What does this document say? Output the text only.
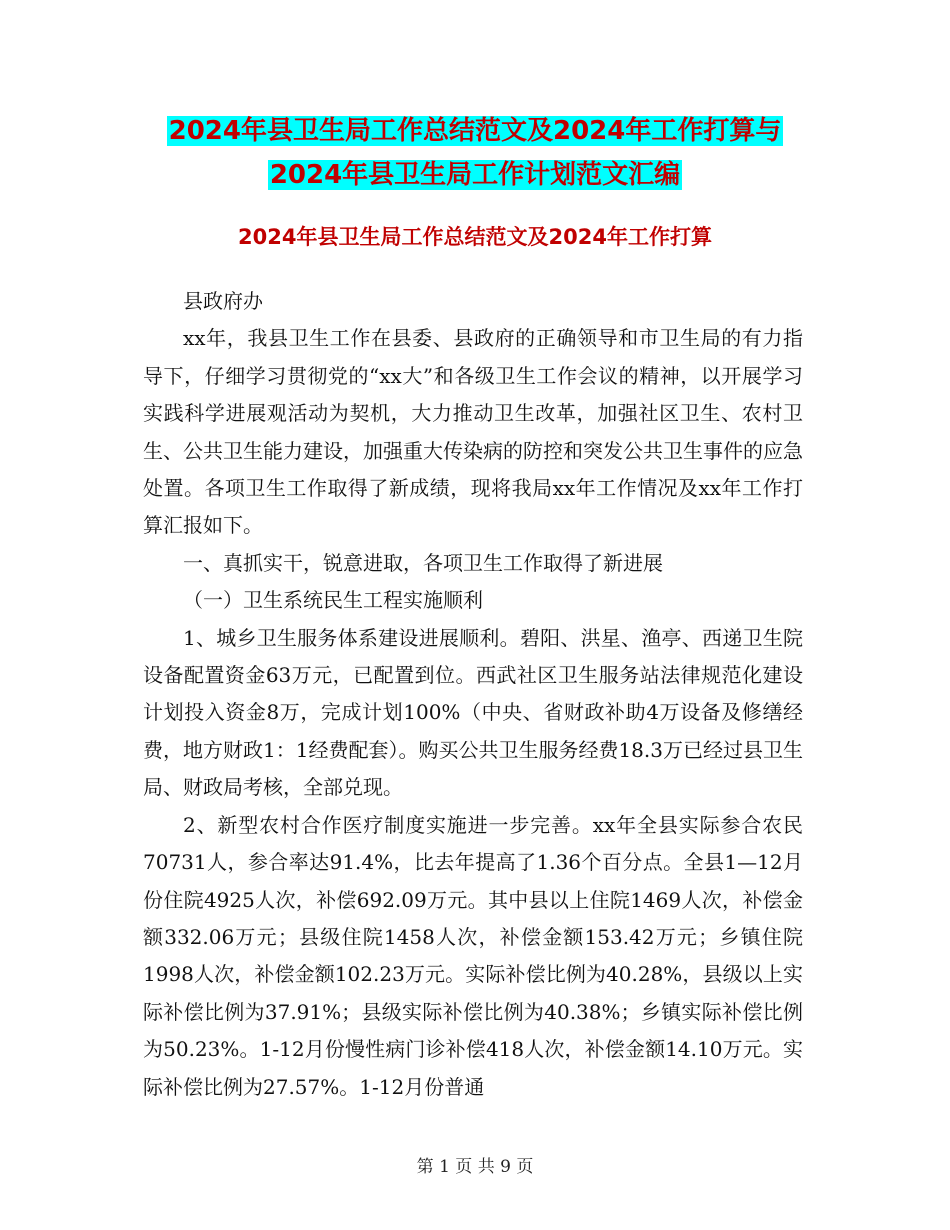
2024年县卫生局工作总结范文及2024年工作打算与
2024年县卫生局工作计划范文汇编
2024年县卫生局工作总结范文及2024年工作打算

县政府办

xx年，我县卫生工作在县委、县政府的正确领导和市卫生局的有力指导下，仔细学习贯彻党的“xx大”和各级卫生工作会议的精神，以开展学习实践科学进展观活动为契机，大力推动卫生改革，加强社区卫生、农村卫生、公共卫生能力建设，加强重大传染病的防控和突发公共卫生事件的应急处置。各项卫生工作取得了新成绩，现将我局xx年工作情况及xx年工作打算汇报如下。

一、真抓实干，锐意进取，各项卫生工作取得了新进展

（一）卫生系统民生工程实施顺利

1、城乡卫生服务体系建设进展顺利。碧阳、洪星、渔亭、西递卫生院设备配置资金63万元，已配置到位。西武社区卫生服务站法律规范化建设计划投入资金8万，完成计划100%（中央、省财政补助4万设备及修缮经费，地方财政1：1经费配套）。购买公共卫生服务经费18.3万已经过县卫生局、财政局考核，全部兑现。

2、新型农村合作医疗制度实施进一步完善。xx年全县实际参合农民70731人，参合率达91.4%，比去年提高了1.36个百分点。全县1—12月份住院4925人次，补偿692.09万元。其中县以上住院1469人次，补偿金额332.06万元；县级住院1458人次，补偿金额153.42万元；乡镇住院1998人次，补偿金额102.23万元。实际补偿比例为40.28%，县级以上实际补偿比例为37.91%；县级实际补偿比例为40.38%；乡镇实际补偿比例为50.23%。1-12月份慢性病门诊补偿418人次，补偿金额14.10万元。实际补偿比例为27.57%。1-12月份普通

第 1 页 共 9 页
